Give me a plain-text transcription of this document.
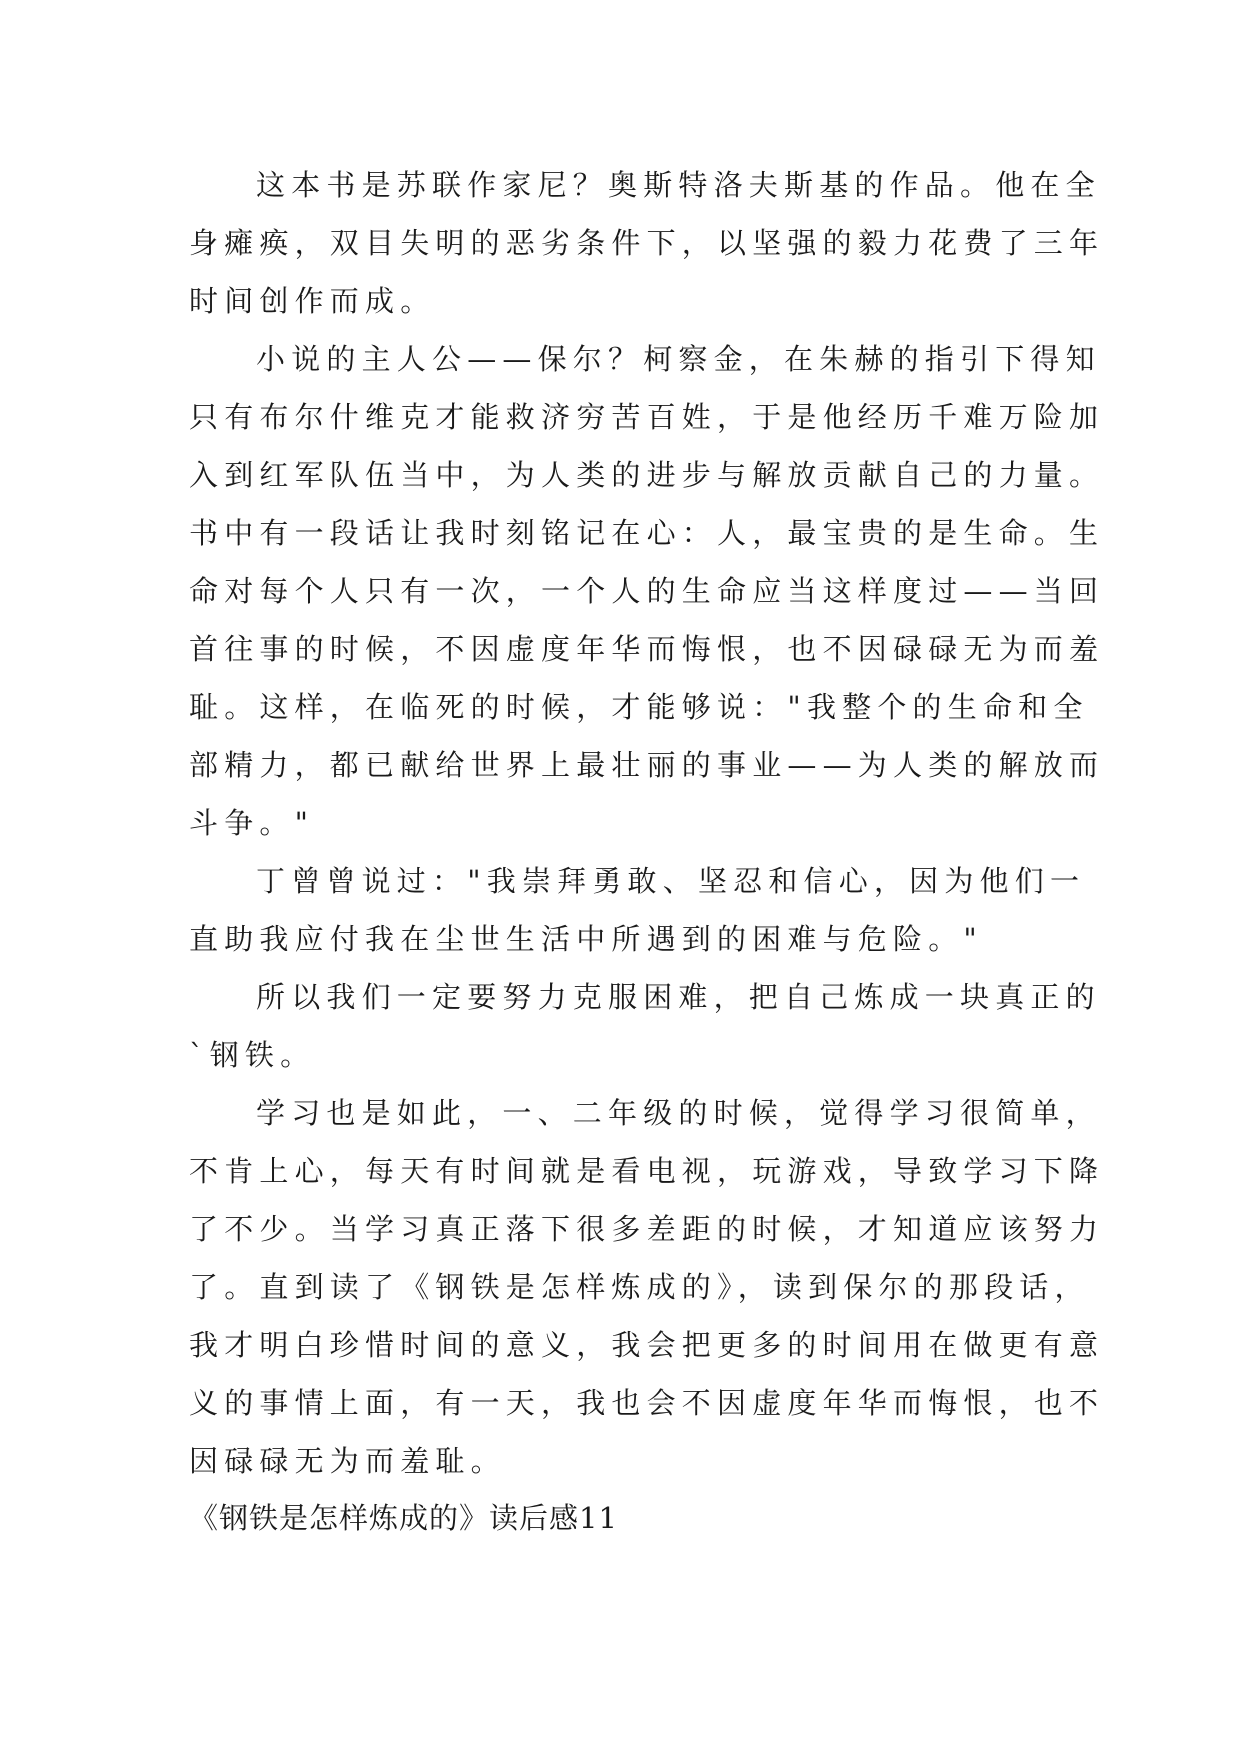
这本书是苏联作家尼？奥斯特洛夫斯基的作品。他在全

身瘫痪，双目失明的恶劣条件下，以坚强的毅力花费了三年

时间创作而成。

小说的主人公——保尔？柯察金，在朱赫的指引下得知

只有布尔什维克才能救济穷苦百姓，于是他经历千难万险加

入到红军队伍当中，为人类的进步与解放贡献自己的力量。

书中有一段话让我时刻铭记在心：人，最宝贵的是生命。生

命对每个人只有一次，一个人的生命应当这样度过——当回

首往事的时候，不因虚度年华而悔恨，也不因碌碌无为而羞

耻。这样，在临死的时候，才能够说："我整个的生命和全

部精力，都已献给世界上最壮丽的事业——为人类的解放而

斗争。"

丁曾曾说过："我崇拜勇敢、坚忍和信心，因为他们一

直助我应付我在尘世生活中所遇到的困难与危险。"

所以我们一定要努力克服困难，把自己炼成一块真正的

`钢铁。

学习也是如此，一、二年级的时候，觉得学习很简单，

不肯上心，每天有时间就是看电视，玩游戏，导致学习下降

了不少。当学习真正落下很多差距的时候，才知道应该努力

了。直到读了《钢铁是怎样炼成的》，读到保尔的那段话，

我才明白珍惜时间的意义，我会把更多的时间用在做更有意

义的事情上面，有一天，我也会不因虚度年华而悔恨，也不

因碌碌无为而羞耻。

《钢铁是怎样炼成的》读后感11
